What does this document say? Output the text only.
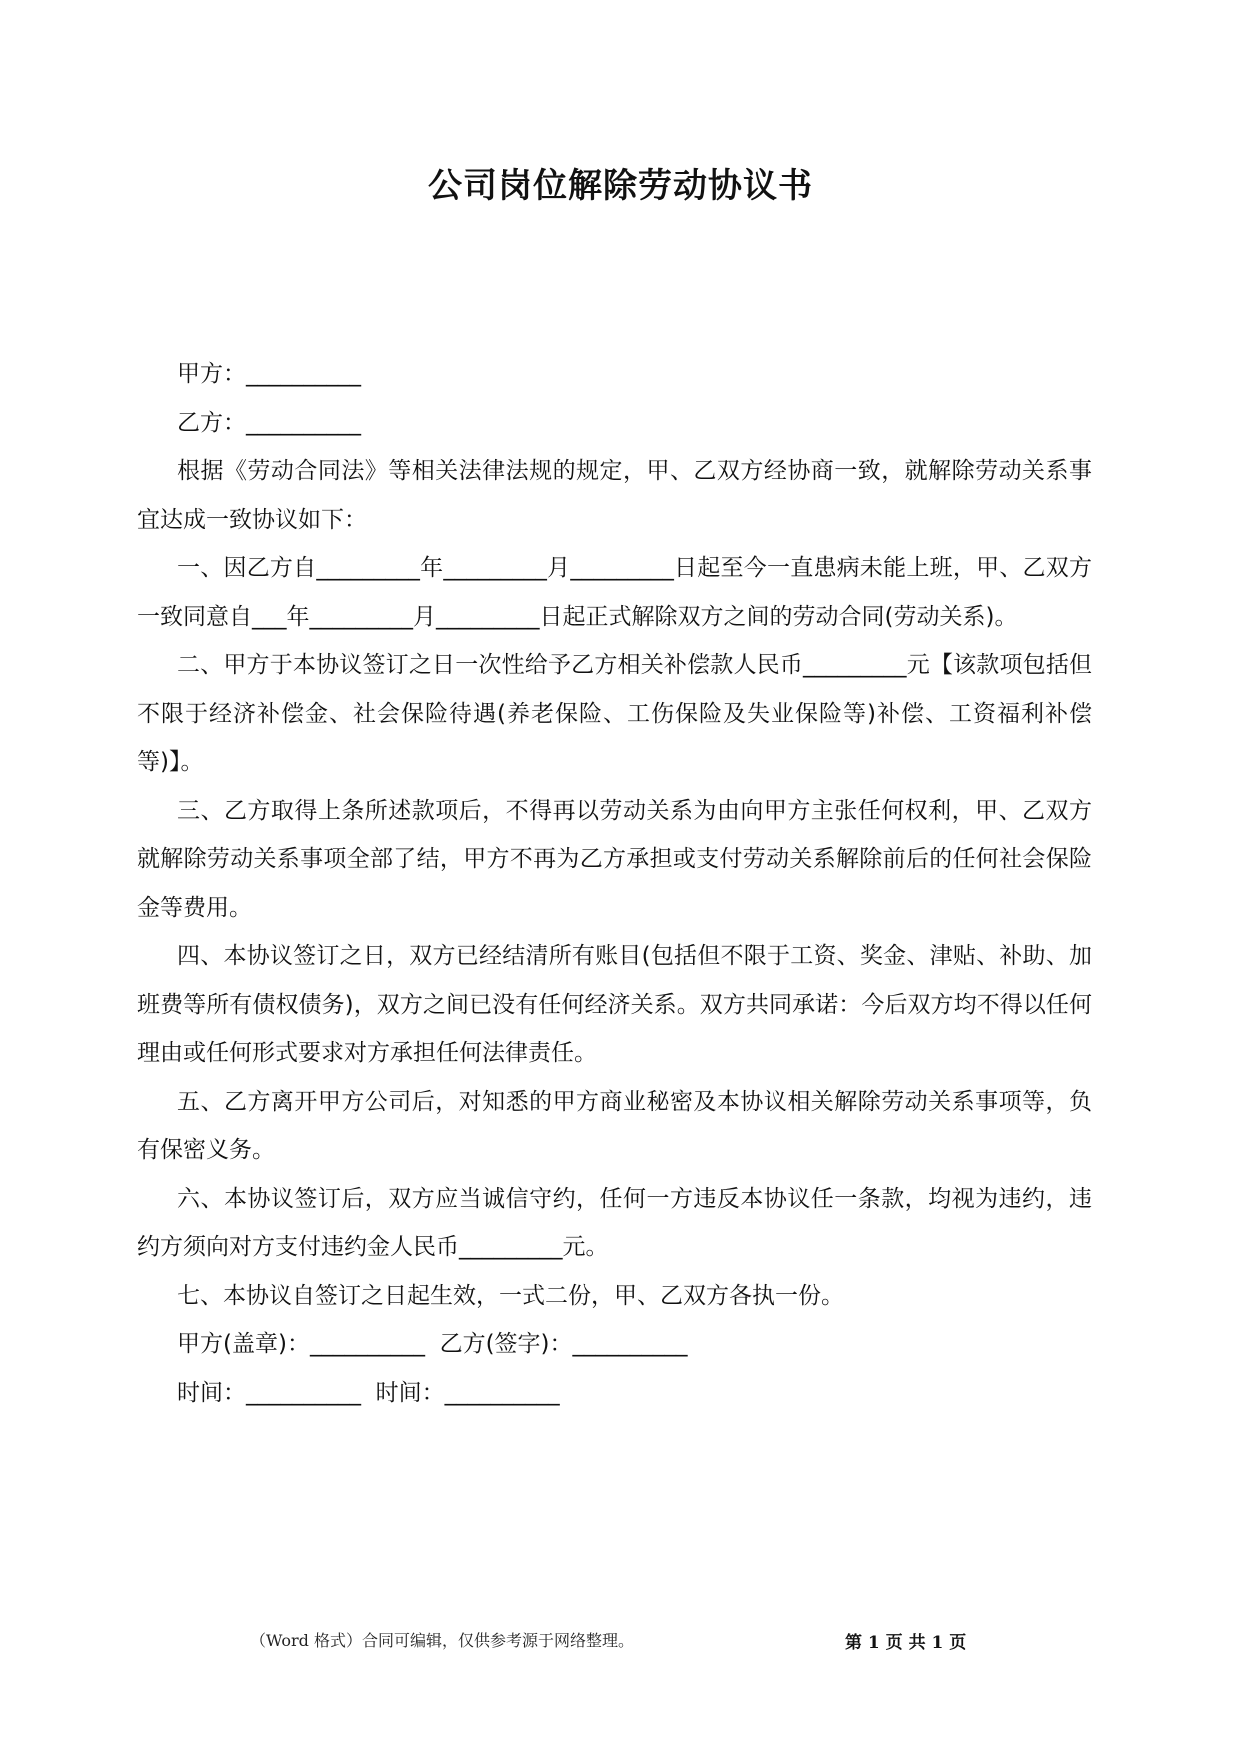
公司岗位解除劳动协议书

甲方：__________

乙方：__________

根据《劳动合同法》等相关法律法规的规定，甲、乙双方经协商一致，就解除劳动关系事宜达成一致协议如下：

一、因乙方自_________年_________月_________日起至今一直患病未能上班，甲、乙双方一致同意自___年_________月_________日起正式解除双方之间的劳动合同(劳动关系)。

二、甲方于本协议签订之日一次性给予乙方相关补偿款人民币_________元【该款项包括但不限于经济补偿金、社会保险待遇(养老保险、工伤保险及失业保险等)补偿、工资福利补偿等)】。

三、乙方取得上条所述款项后，不得再以劳动关系为由向甲方主张任何权利，甲、乙双方就解除劳动关系事项全部了结，甲方不再为乙方承担或支付劳动关系解除前后的任何社会保险金等费用。

四、本协议签订之日，双方已经结清所有账目(包括但不限于工资、奖金、津贴、补助、加班费等所有债权债务)，双方之间已没有任何经济关系。双方共同承诺：今后双方均不得以任何理由或任何形式要求对方承担任何法律责任。

五、乙方离开甲方公司后，对知悉的甲方商业秘密及本协议相关解除劳动关系事项等，负有保密义务。

六、本协议签订后，双方应当诚信守约，任何一方违反本协议任一条款，均视为违约，违约方须向对方支付违约金人民币_________元。

七、本协议自签订之日起生效，一式二份，甲、乙双方各执一份。

甲方(盖章)：__________  乙方(签字)：__________

时间：__________  时间：__________

（Word 格式）合同可编辑，仅供参考源于网络整理。	第 1 页 共 1 页
